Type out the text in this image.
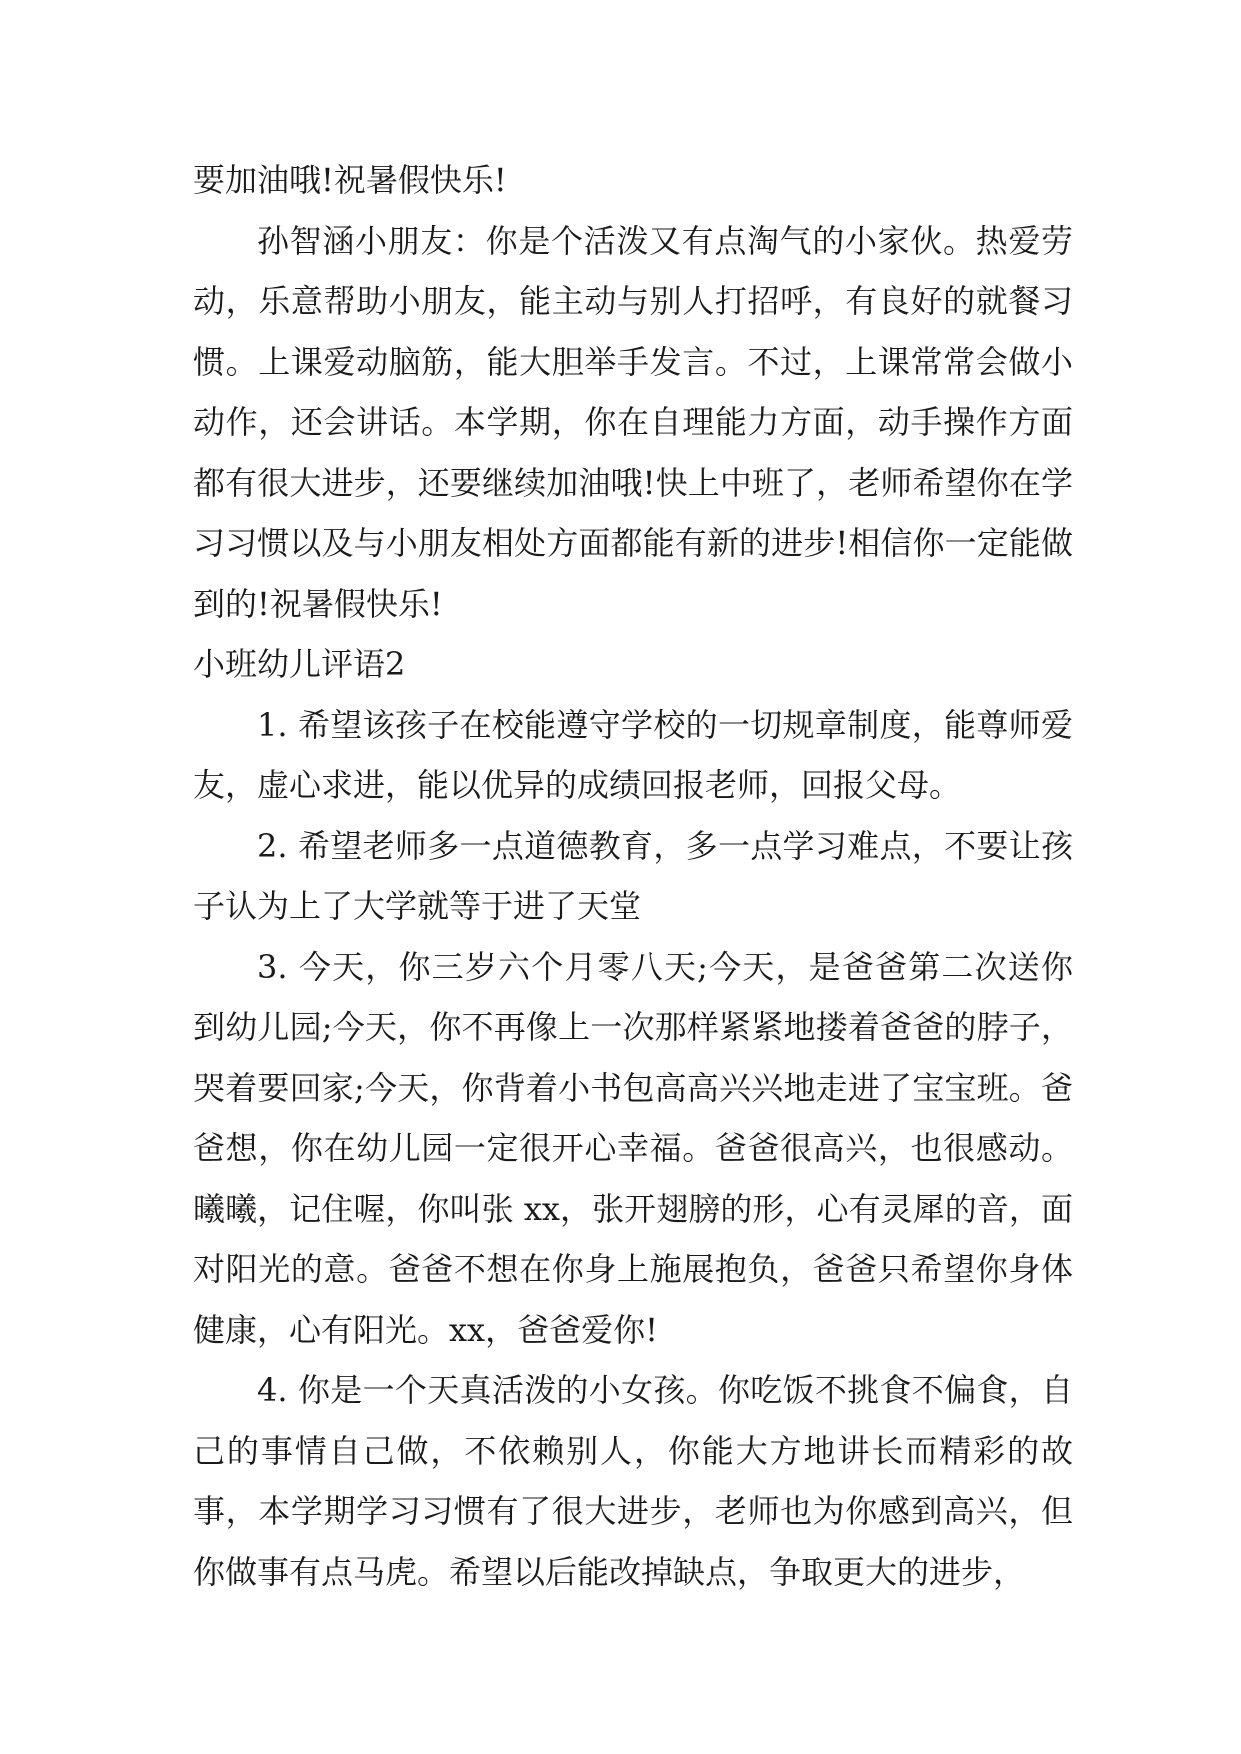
要加油哦!祝暑假快乐!

孙智涵小朋友：你是个活泼又有点淘气的小家伙。热爱劳动，乐意帮助小朋友，能主动与别人打招呼，有良好的就餐习惯。上课爱动脑筋，能大胆举手发言。不过，上课常常会做小动作，还会讲话。本学期，你在自理能力方面，动手操作方面都有很大进步，还要继续加油哦!快上中班了，老师希望你在学习习惯以及与小朋友相处方面都能有新的进步!相信你一定能做到的!祝暑假快乐!

小班幼儿评语2

1. 希望该孩子在校能遵守学校的一切规章制度，能尊师爱友，虚心求进，能以优异的成绩回报老师，回报父母。

2. 希望老师多一点道德教育，多一点学习难点，不要让孩子认为上了大学就等于进了天堂

3. 今天，你三岁六个月零八天;今天，是爸爸第二次送你到幼儿园;今天，你不再像上一次那样紧紧地搂着爸爸的脖子，哭着要回家;今天，你背着小书包高高兴兴地走进了宝宝班。爸爸想，你在幼儿园一定很开心幸福。爸爸很高兴，也很感动。曦曦，记住喔，你叫张 xx，张开翅膀的形，心有灵犀的音，面对阳光的意。爸爸不想在你身上施展抱负，爸爸只希望你身体健康，心有阳光。xx，爸爸爱你!

4. 你是一个天真活泼的小女孩。你吃饭不挑食不偏食，自己的事情自己做，不依赖别人，你能大方地讲长而精彩的故事，本学期学习习惯有了很大进步，老师也为你感到高兴，但你做事有点马虎。希望以后能改掉缺点，争取更大的进步，
